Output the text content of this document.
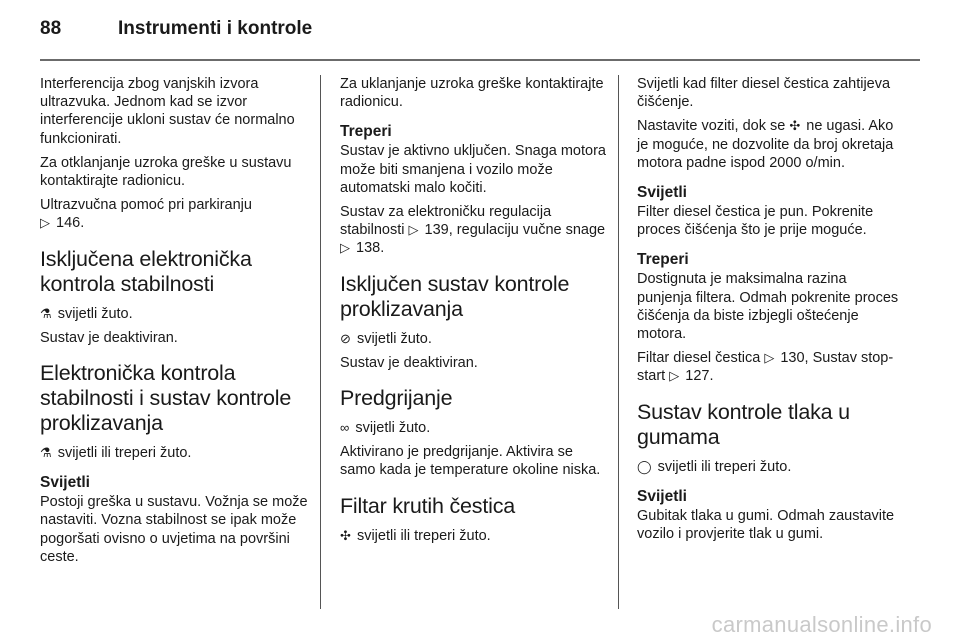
88	Instrumenti i kontrole

Interferencija zbog vanjskih izvora ultrazvuka. Jednom kad se izvor interferencije ukloni sustav će normalno funkcionirati.

Za otklanjanje uzroka greške u sustavu kontaktirajte radionicu.

Ultrazvučna pomoć pri parkiranju
▷ 146.

Isključena elektronička kontrola stabilnosti

⚗ svijetli žuto.

Sustav je deaktiviran.

Elektronička kontrola stabilnosti i sustav kontrole proklizavanja

⚗ svijetli ili treperi žuto.

Svijetli

Postoji greška u sustavu. Vožnja se može nastaviti. Vozna stabilnost se ipak može pogoršati ovisno o uvjetima na površini ceste.

Za uklanjanje uzroka greške kontaktirajte radionicu.

Treperi

Sustav je aktivno uključen. Snaga motora može biti smanjena i vozilo može automatski malo kočiti.

Sustav za elektroničku regulacija stabilnosti ▷ 139, regulaciju vučne snage ▷ 138.

Isključen sustav kontrole proklizavanja

⊘ svijetli žuto.

Sustav je deaktiviran.

Predgrijanje

∞ svijetli žuto.

Aktivirano je predgrijanje. Aktivira se samo kada je temperature okoline niska.

Filtar krutih čestica

✣ svijetli ili treperi žuto.

Svijetli kad filter diesel čestica zahtijeva čišćenje.

Nastavite voziti, dok se ✣ ne ugasi. Ako je moguće, ne dozvolite da broj okretaja motora padne ispod 2000 o/min.

Svijetli

Filter diesel čestica je pun. Pokrenite proces čišćenja što je prije moguće.

Treperi

Dostignuta je maksimalna razina punjenja filtera. Odmah pokrenite proces čišćenja da biste izbjegli oštećenje motora.

Filtar diesel čestica ▷ 130, Sustav stop-start ▷ 127.

Sustav kontrole tlaka u gumama

◯ svijetli ili treperi žuto.

Svijetli

Gubitak tlaka u gumi. Odmah zaustavite vozilo i provjerite tlak u gumi.

carmanualsonline.info
